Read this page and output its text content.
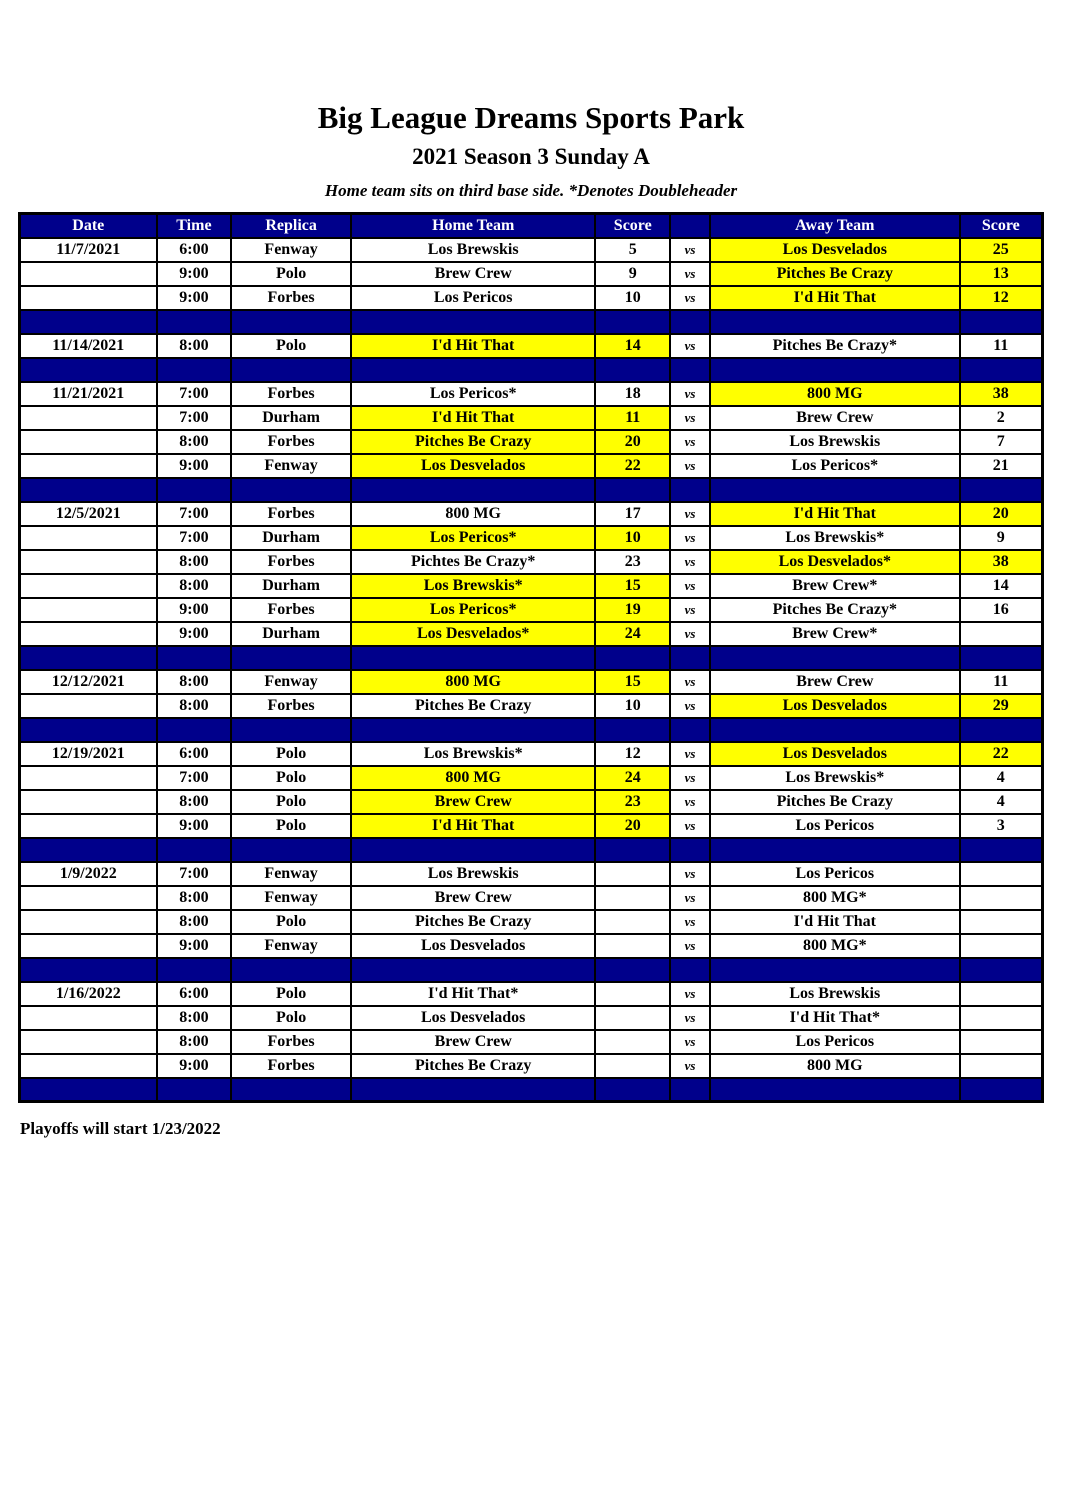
Big League Dreams Sports Park
2021 Season 3 Sunday A
Home team sits on third base side. *Denotes Doubleheader
Date	Time	Replica	Home Team	Score		Away Team	Score
11/7/2021	6:00	Fenway	Los Brewskis	5	vs	Los Desvelados	25
	9:00	Polo	Brew Crew	9	vs	Pitches Be Crazy	13
	9:00	Forbes	Los Pericos	10	vs	I'd Hit That	12

11/14/2021	8:00	Polo	I'd Hit That	14	vs	Pitches Be Crazy*	11

11/21/2021	7:00	Forbes	Los Pericos*	18	vs	800 MG	38
	7:00	Durham	I'd Hit That	11	vs	Brew Crew	2
	8:00	Forbes	Pitches Be Crazy	20	vs	Los Brewskis	7
	9:00	Fenway	Los Desvelados	22	vs	Los Pericos*	21

12/5/2021	7:00	Forbes	800 MG	17	vs	I'd Hit That	20
	7:00	Durham	Los Pericos*	10	vs	Los Brewskis*	9
	8:00	Forbes	Pichtes Be Crazy*	23	vs	Los Desvelados*	38
	8:00	Durham	Los Brewskis*	15	vs	Brew Crew*	14
	9:00	Forbes	Los Pericos*	19	vs	Pitches Be Crazy*	16
	9:00	Durham	Los Desvelados*	24	vs	Brew Crew*	

12/12/2021	8:00	Fenway	800 MG	15	vs	Brew Crew	11
	8:00	Forbes	Pitches Be Crazy	10	vs	Los Desvelados	29

12/19/2021	6:00	Polo	Los Brewskis*	12	vs	Los Desvelados	22
	7:00	Polo	800 MG	24	vs	Los Brewskis*	4
	8:00	Polo	Brew Crew	23	vs	Pitches Be Crazy	4
	9:00	Polo	I'd Hit That	20	vs	Los Pericos	3

1/9/2022	7:00	Fenway	Los Brewskis		vs	Los Pericos	
	8:00	Fenway	Brew Crew		vs	800 MG*	
	8:00	Polo	Pitches Be Crazy		vs	I'd Hit That	
	9:00	Fenway	Los Desvelados		vs	800 MG*	

1/16/2022	6:00	Polo	I'd Hit That*		vs	Los Brewskis	
	8:00	Polo	Los Desvelados		vs	I'd Hit That*	
	8:00	Forbes	Brew Crew		vs	Los Pericos	
	9:00	Forbes	Pitches Be Crazy		vs	800 MG	

Playoffs will start 1/23/2022
